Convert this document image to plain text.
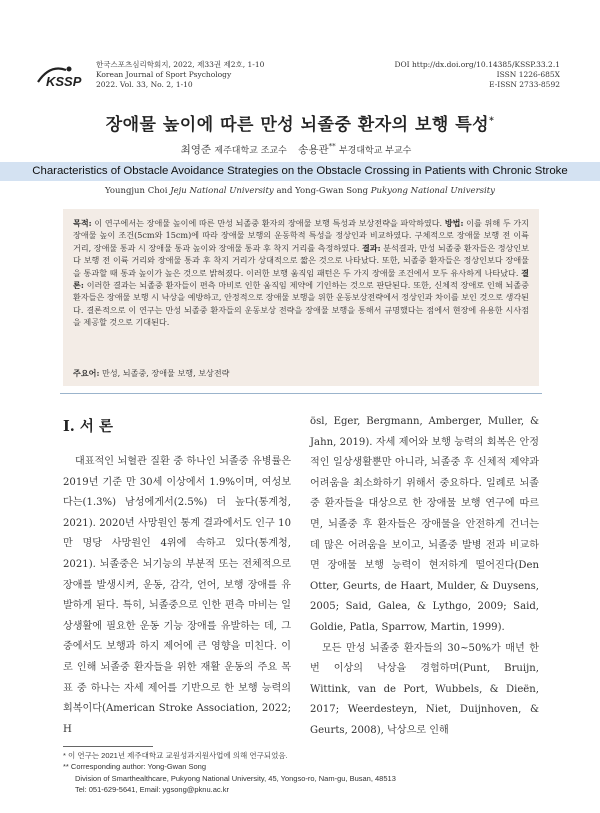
KSSP
한국스포츠심리학회지, 2022, 제33권 제2호, 1-10
Korean Journal of Sport Psychology
2022. Vol. 33, No. 2, 1-10
DOI http://dx.doi.org/10.14385/KSSP.33.2.1
ISSN 1226-685X
E-ISSN 2733-8592
장애물 높이에 따른 만성 뇌졸중 환자의 보행 특성*
최영준 제주대학교 조교수 송용관** 부경대학교 부교수
Characteristics of Obstacle Avoidance Strategies on the Obstacle Crossing in Patients with Chronic Stroke
Youngjun Choi Jeju National University and Yong-Gwan Song Pukyong National University
목적: 이 연구에서는 장애물 높이에 따른 만성 뇌졸중 환자의 장애물 보행 특성과 보상전략을 파악하였다. 방법: 이를 위해 두 가지 장애물 높이 조건(5cm와 15cm)에 따라 장애물 보행의 운동학적 특성을 정상인과 비교하였다. 구체적으로 장애물 보행 전 이륙 거리, 장애물 통과 시 장애물 통과 높이와 장애물 통과 후 착지 거리를 측정하였다. 결과: 분석결과, 만성 뇌졸중 환자들은 정상인보다 보행 전 이륙 거리와 장애물 통과 후 착지 거리가 상대적으로 짧은 것으로 나타났다. 또한, 뇌졸중 환자들은 정상인보다 장애물을 통과할 때 통과 높이가 높은 것으로 밝혀졌다. 이러한 보행 움직임 패턴은 두 가지 장애물 조건에서 모두 유사하게 나타났다. 결론: 이러한 결과는 뇌졸중 환자들이 편측 마비로 인한 움직임 제약에 기인하는 것으로 판단된다. 또한, 신체적 장애로 인해 뇌졸중 환자들은 장애물 보행 시 낙상을 예방하고, 안정적으로 장애물 보행을 위한 운동보상전략에서 정상인과 차이를 보인 것으로 생각된다. 결론적으로 이 연구는 만성 뇌졸중 환자들의 운동보상 전략을 장애물 보행을 통해서 규명했다는 점에서 현장에 유용한 시사점을 제공할 것으로 기대된다.
주요어: 만성, 뇌졸중, 장애물 보행, 보상전략
I. 서 론

대표적인 뇌혈관 질환 중 하나인 뇌졸중 유병률은 2019년 기준 만 30세 이상에서 1.9%이며, 여성보다는(1.3%) 남성에게서(2.5%) 더 높다(통계청, 2021). 2020년 사망원인 통계 결과에서도 인구 10만 명당 사망원인 4위에 속하고 있다(통계청, 2021). 뇌졸중은 뇌기능의 부분적 또는 전체적으로 장애를 발생시켜, 운동, 감각, 언어, 보행 장애를 유발하게 된다. 특히, 뇌졸중으로 인한 편측 마비는 일상생활에 필요한 운동 기능 장애를 유발하는 데, 그중에서도 보행과 하지 제어에 큰 영향을 미친다. 이로 인해 뇌졸중 환자들을 위한 재활 운동의 주요 목표 중 하나는 자세 제어를 기반으로 한 보행 능력의 회복이다(American Stroke Association, 2022; H

ösl, Eger, Bergmann, Amberger, Muller, & Jahn, 2019). 자세 제어와 보행 능력의 회복은 안정적인 일상생활뿐만 아니라, 뇌졸중 후 신체적 제약과 어려움을 최소화하기 위해서 중요하다. 일례로 뇌졸중 환자들을 대상으로 한 장애물 보행 연구에 따르면, 뇌졸중 후 환자들은 장애물을 안전하게 건너는 데 많은 어려움을 보이고, 뇌졸중 발병 전과 비교하면 장애물 보행 능력이 현저하게 떨어진다(Den Otter, Geurts, de Haart, Mulder, & Duysens, 2005; Said, Galea, & Lythgo, 2009; Said, Goldie, Patla, Sparrow, Martin, 1999).

모든 만성 뇌졸중 환자들의 30~50%가 매년 한 번 이상의 낙상을 경험하며(Punt, Bruijn, Wittink, van de Port, Wubbels, & Dieën, 2017; Weerdesteyn, Niet, Duijnhoven, & Geurts, 2008), 낙상으로 인해

* 이 연구는 2021년 제주대학교 교원성과지원사업에 의해 연구되었음.
** Corresponding author: Yong-Gwan Song
Division of Smarthealthcare, Pukyong National University, 45, Yongso-ro, Nam-gu, Busan, 48513
Tel: 051-629-5641, Email: ygsong@pknu.ac.kr
